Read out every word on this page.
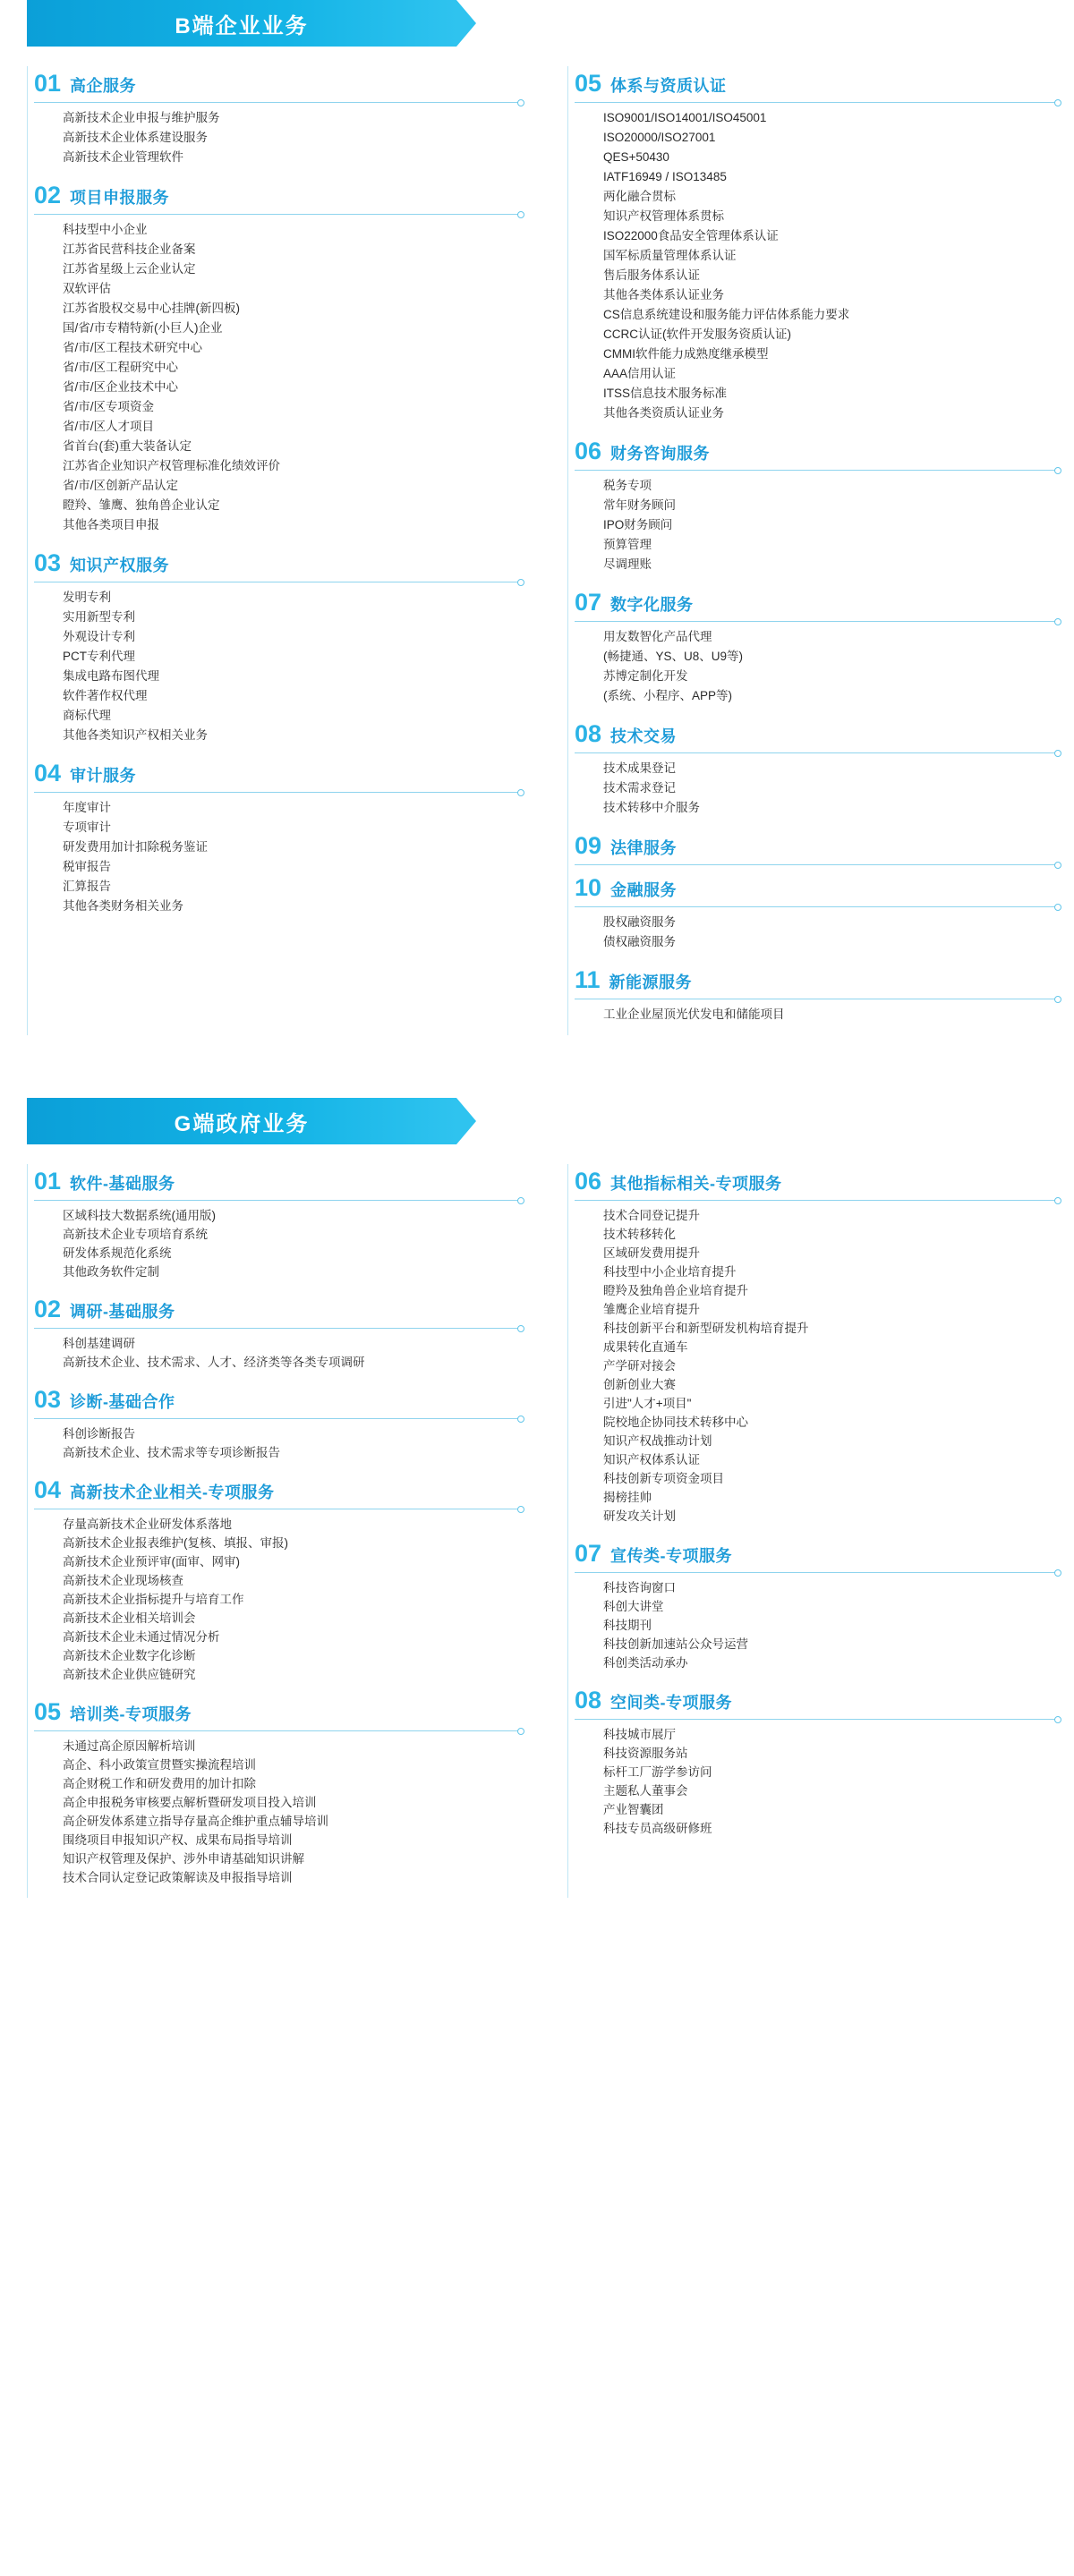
B端企业业务
01 高企服务
高新技术企业申报与维护服务
高新技术企业体系建设服务
高新技术企业管理软件
02 项目申报服务
科技型中小企业
江苏省民营科技企业备案
江苏省星级上云企业认定
双软评估
江苏省股权交易中心挂牌(新四板)
国/省/市专精特新(小巨人)企业
省/市/区工程技术研究中心
省/市/区工程研究中心
省/市/区企业技术中心
省/市/区专项资金
省/市/区人才项目
省首台(套)重大装备认定
江苏省企业知识产权管理标准化绩效评价
省/市/区创新产品认定
瞪羚、雏鹰、独角兽企业认定
其他各类项目申报
03 知识产权服务
发明专利
实用新型专利
外观设计专利
PCT专利代理
集成电路布图代理
软件著作权代理
商标代理
其他各类知识产权相关业务
04 审计服务
年度审计
专项审计
研发费用加计扣除税务鉴证
税审报告
汇算报告
其他各类财务相关业务
05 体系与资质认证
ISO9001/ISO14001/ISO45001
ISO20000/ISO27001
QES+50430
IATF16949 / ISO13485
两化融合贯标
知识产权管理体系贯标
ISO22000食品安全管理体系认证
国军标质量管理体系认证
售后服务体系认证
其他各类体系认证业务
CS信息系统建设和服务能力评估体系能力要求
CCRC认证(软件开发服务资质认证)
CMMI软件能力成熟度继承模型
AAA信用认证
ITSS信息技术服务标准
其他各类资质认证业务
06 财务咨询服务
税务专项
常年财务顾问
IPO财务顾问
预算管理
尽调理账
07 数字化服务
用友数智化产品代理
(畅捷通、YS、U8、U9等)
苏博定制化开发
(系统、小程序、APP等)
08 技术交易
技术成果登记
技术需求登记
技术转移中介服务
09 法律服务
10 金融服务
股权融资服务
债权融资服务
11 新能源服务
工业企业屋顶光伏发电和储能项目
G端政府业务
01 软件-基础服务
区域科技大数据系统(通用版)
高新技术企业专项培育系统
研发体系规范化系统
其他政务软件定制
02 调研-基础服务
科创基建调研
高新技术企业、技术需求、人才、经济类等各类专项调研
03 诊断-基础合作
科创诊断报告
高新技术企业、技术需求等专项诊断报告
04 高新技术企业相关-专项服务
存量高新技术企业研发体系落地
高新技术企业报表维护(复核、填报、审报)
高新技术企业预评审(面审、网审)
高新技术企业现场核查
高新技术企业指标提升与培育工作
高新技术企业相关培训会
高新技术企业未通过情况分析
高新技术企业数字化诊断
高新技术企业供应链研究
05 培训类-专项服务
未通过高企原因解析培训
高企、科小政策宣贯暨实操流程培训
高企财税工作和研发费用的加计扣除
高企申报税务审核要点解析暨研发项目投入培训
高企研发体系建立指导存量高企维护重点辅导培训
围绕项目申报知识产权、成果布局指导培训
知识产权管理及保护、涉外申请基础知识讲解
技术合同认定登记政策解读及申报指导培训
06 其他指标相关-专项服务
技术合同登记提升
技术转移转化
区域研发费用提升
科技型中小企业培育提升
瞪羚及独角兽企业培育提升
雏鹰企业培育提升
科技创新平台和新型研发机构培育提升
成果转化直通车
产学研对接会
创新创业大赛
引进"人才+项目"
院校地企协同技术转移中心
知识产权战推动计划
知识产权体系认证
科技创新专项资金项目
揭榜挂帅
研发攻关计划
07 宣传类-专项服务
科技咨询窗口
科创大讲堂
科技期刊
科技创新加速站公众号运营
科创类活动承办
08 空间类-专项服务
科技城市展厅
科技资源服务站
标杆工厂游学参访问
主题私人董事会
产业智囊团
科技专员高级研修班
